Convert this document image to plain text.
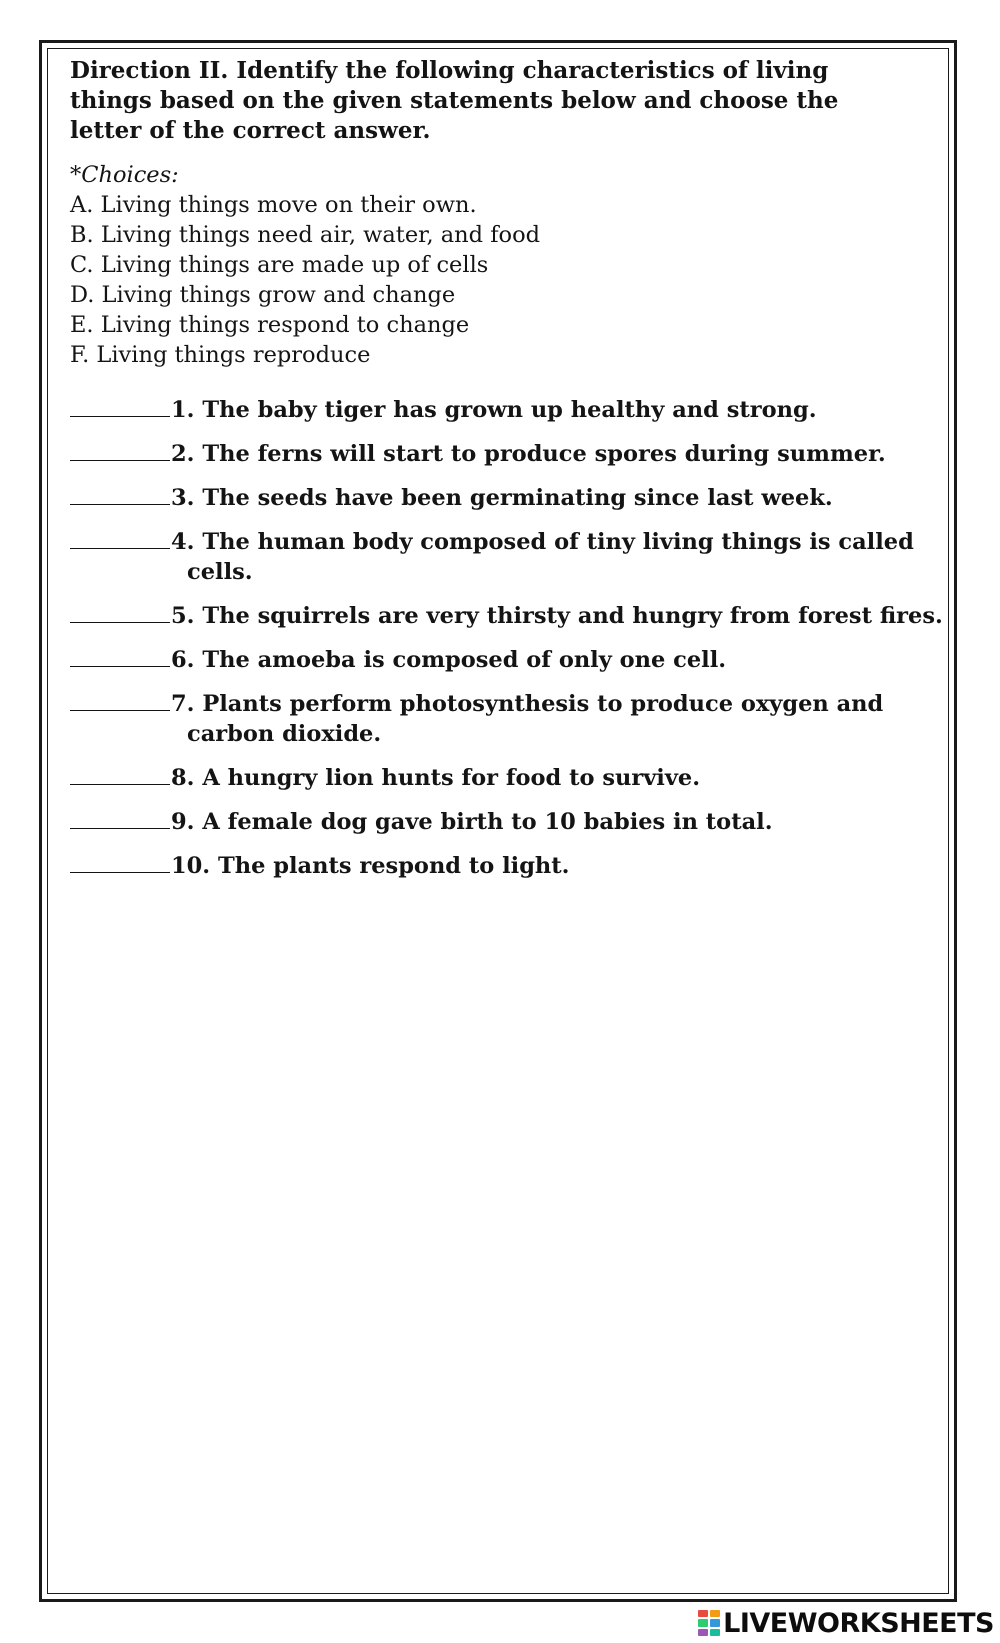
Direction II. Identify the following characteristics of living things based on the given statements below and choose the letter of the correct answer.

*Choices:
A. Living things move on their own.
B. Living things need air, water, and food
C. Living things are made up of cells
D. Living things grow and change
E. Living things respond to change
F. Living things reproduce
1. The baby tiger has grown up healthy and strong.
2. The ferns will start to produce spores during summer.
3. The seeds have been germinating since last week.
4. The human body composed of tiny living things is called cells.
5. The squirrels are very thirsty and hungry from forest fires.
6. The amoeba is composed of only one cell.
7. Plants perform photosynthesis to produce oxygen and carbon dioxide.
8. A hungry lion hunts for food to survive.
9. A female dog gave birth to 10 babies in total.
10. The plants respond to light.
LIVEWORKSHEETS
